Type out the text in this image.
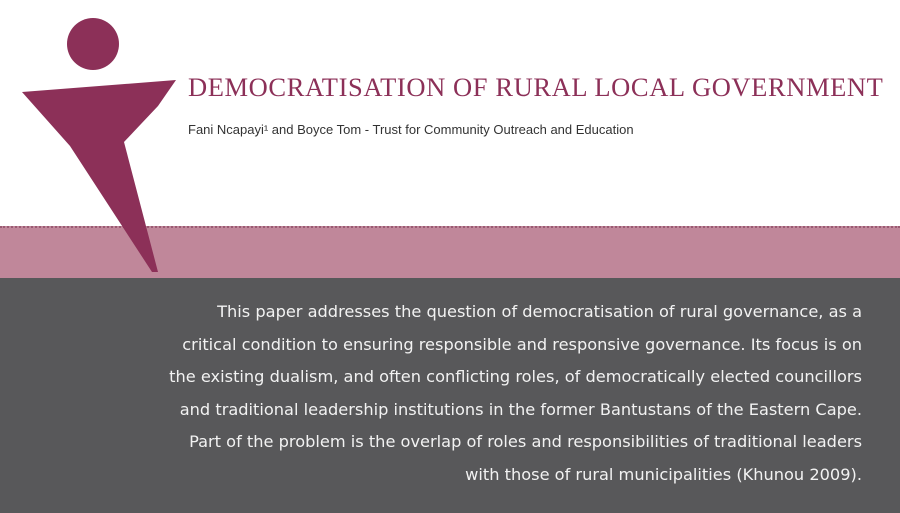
DEMOCRATISATION OF RURAL LOCAL GOVERNMENT
Fani Ncapayi¹ and Boyce Tom - Trust for Community Outreach and Education
This paper addresses the question of democratisation of rural governance, as a
critical condition to ensuring responsible and responsive governance. Its focus is on
the existing dualism, and often conflicting roles, of democratically elected councillors
and traditional leadership institutions in the former Bantustans of the Eastern Cape.
Part of the problem is the overlap of roles and responsibilities of traditional leaders
with those of rural municipalities (Khunou 2009).
